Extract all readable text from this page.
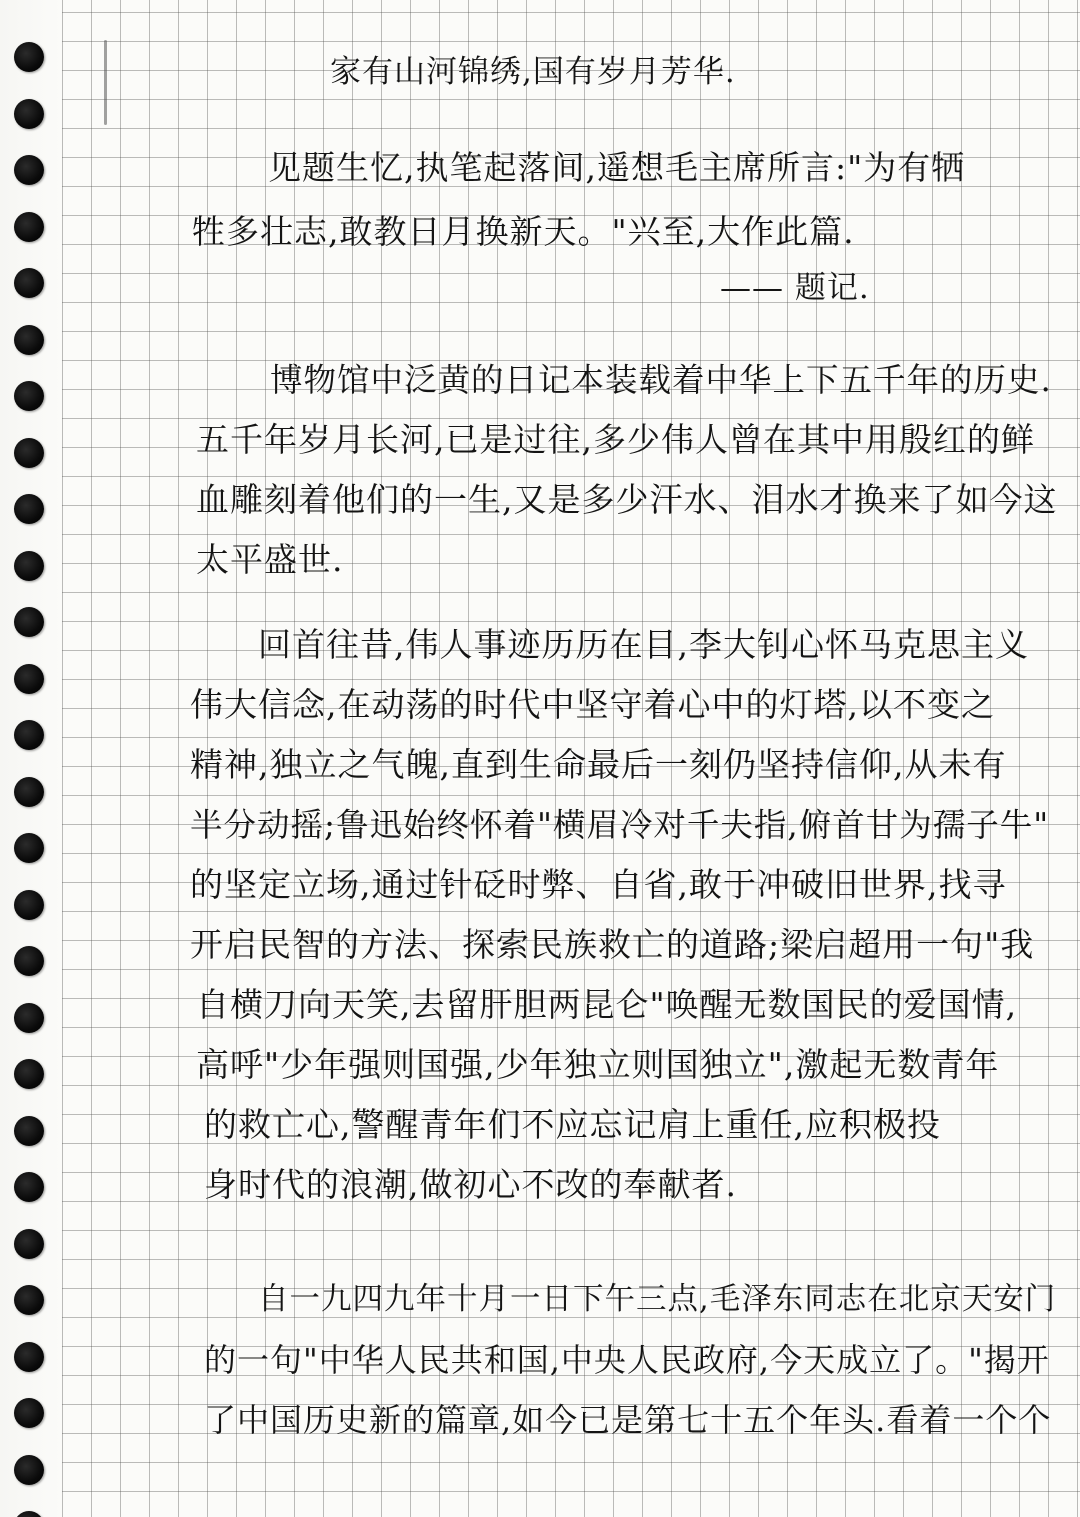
家有山河锦绣,国有岁月芳华.

见题生忆,执笔起落间,遥想毛主席所言:"为有牺

牲多壮志,敢教日月换新天。"兴至,大作此篇.

—— 题记.

博物馆中泛黄的日记本装载着中华上下五千年的历史.

五千年岁月长河,已是过往,多少伟人曾在其中用殷红的鲜

血雕刻着他们的一生,又是多少汗水、泪水才换来了如今这

太平盛世.

回首往昔,伟人事迹历历在目,李大钊心怀马克思主义

伟大信念,在动荡的时代中坚守着心中的灯塔,以不变之

精神,独立之气魄,直到生命最后一刻仍坚持信仰,从未有

半分动摇;鲁迅始终怀着"横眉冷对千夫指,俯首甘为孺子牛"

的坚定立场,通过针砭时弊、自省,敢于冲破旧世界,找寻

开启民智的方法、探索民族救亡的道路;梁启超用一句"我

自横刀向天笑,去留肝胆两昆仑"唤醒无数国民的爱国情,

高呼"少年强则国强,少年独立则国独立",激起无数青年

的救亡心,警醒青年们不应忘记肩上重任,应积极投

身时代的浪潮,做初心不改的奉献者.

自一九四九年十月一日下午三点,毛泽东同志在北京天安门

的一句"中华人民共和国,中央人民政府,今天成立了。"揭开

了中国历史新的篇章,如今已是第七十五个年头.看着一个个
